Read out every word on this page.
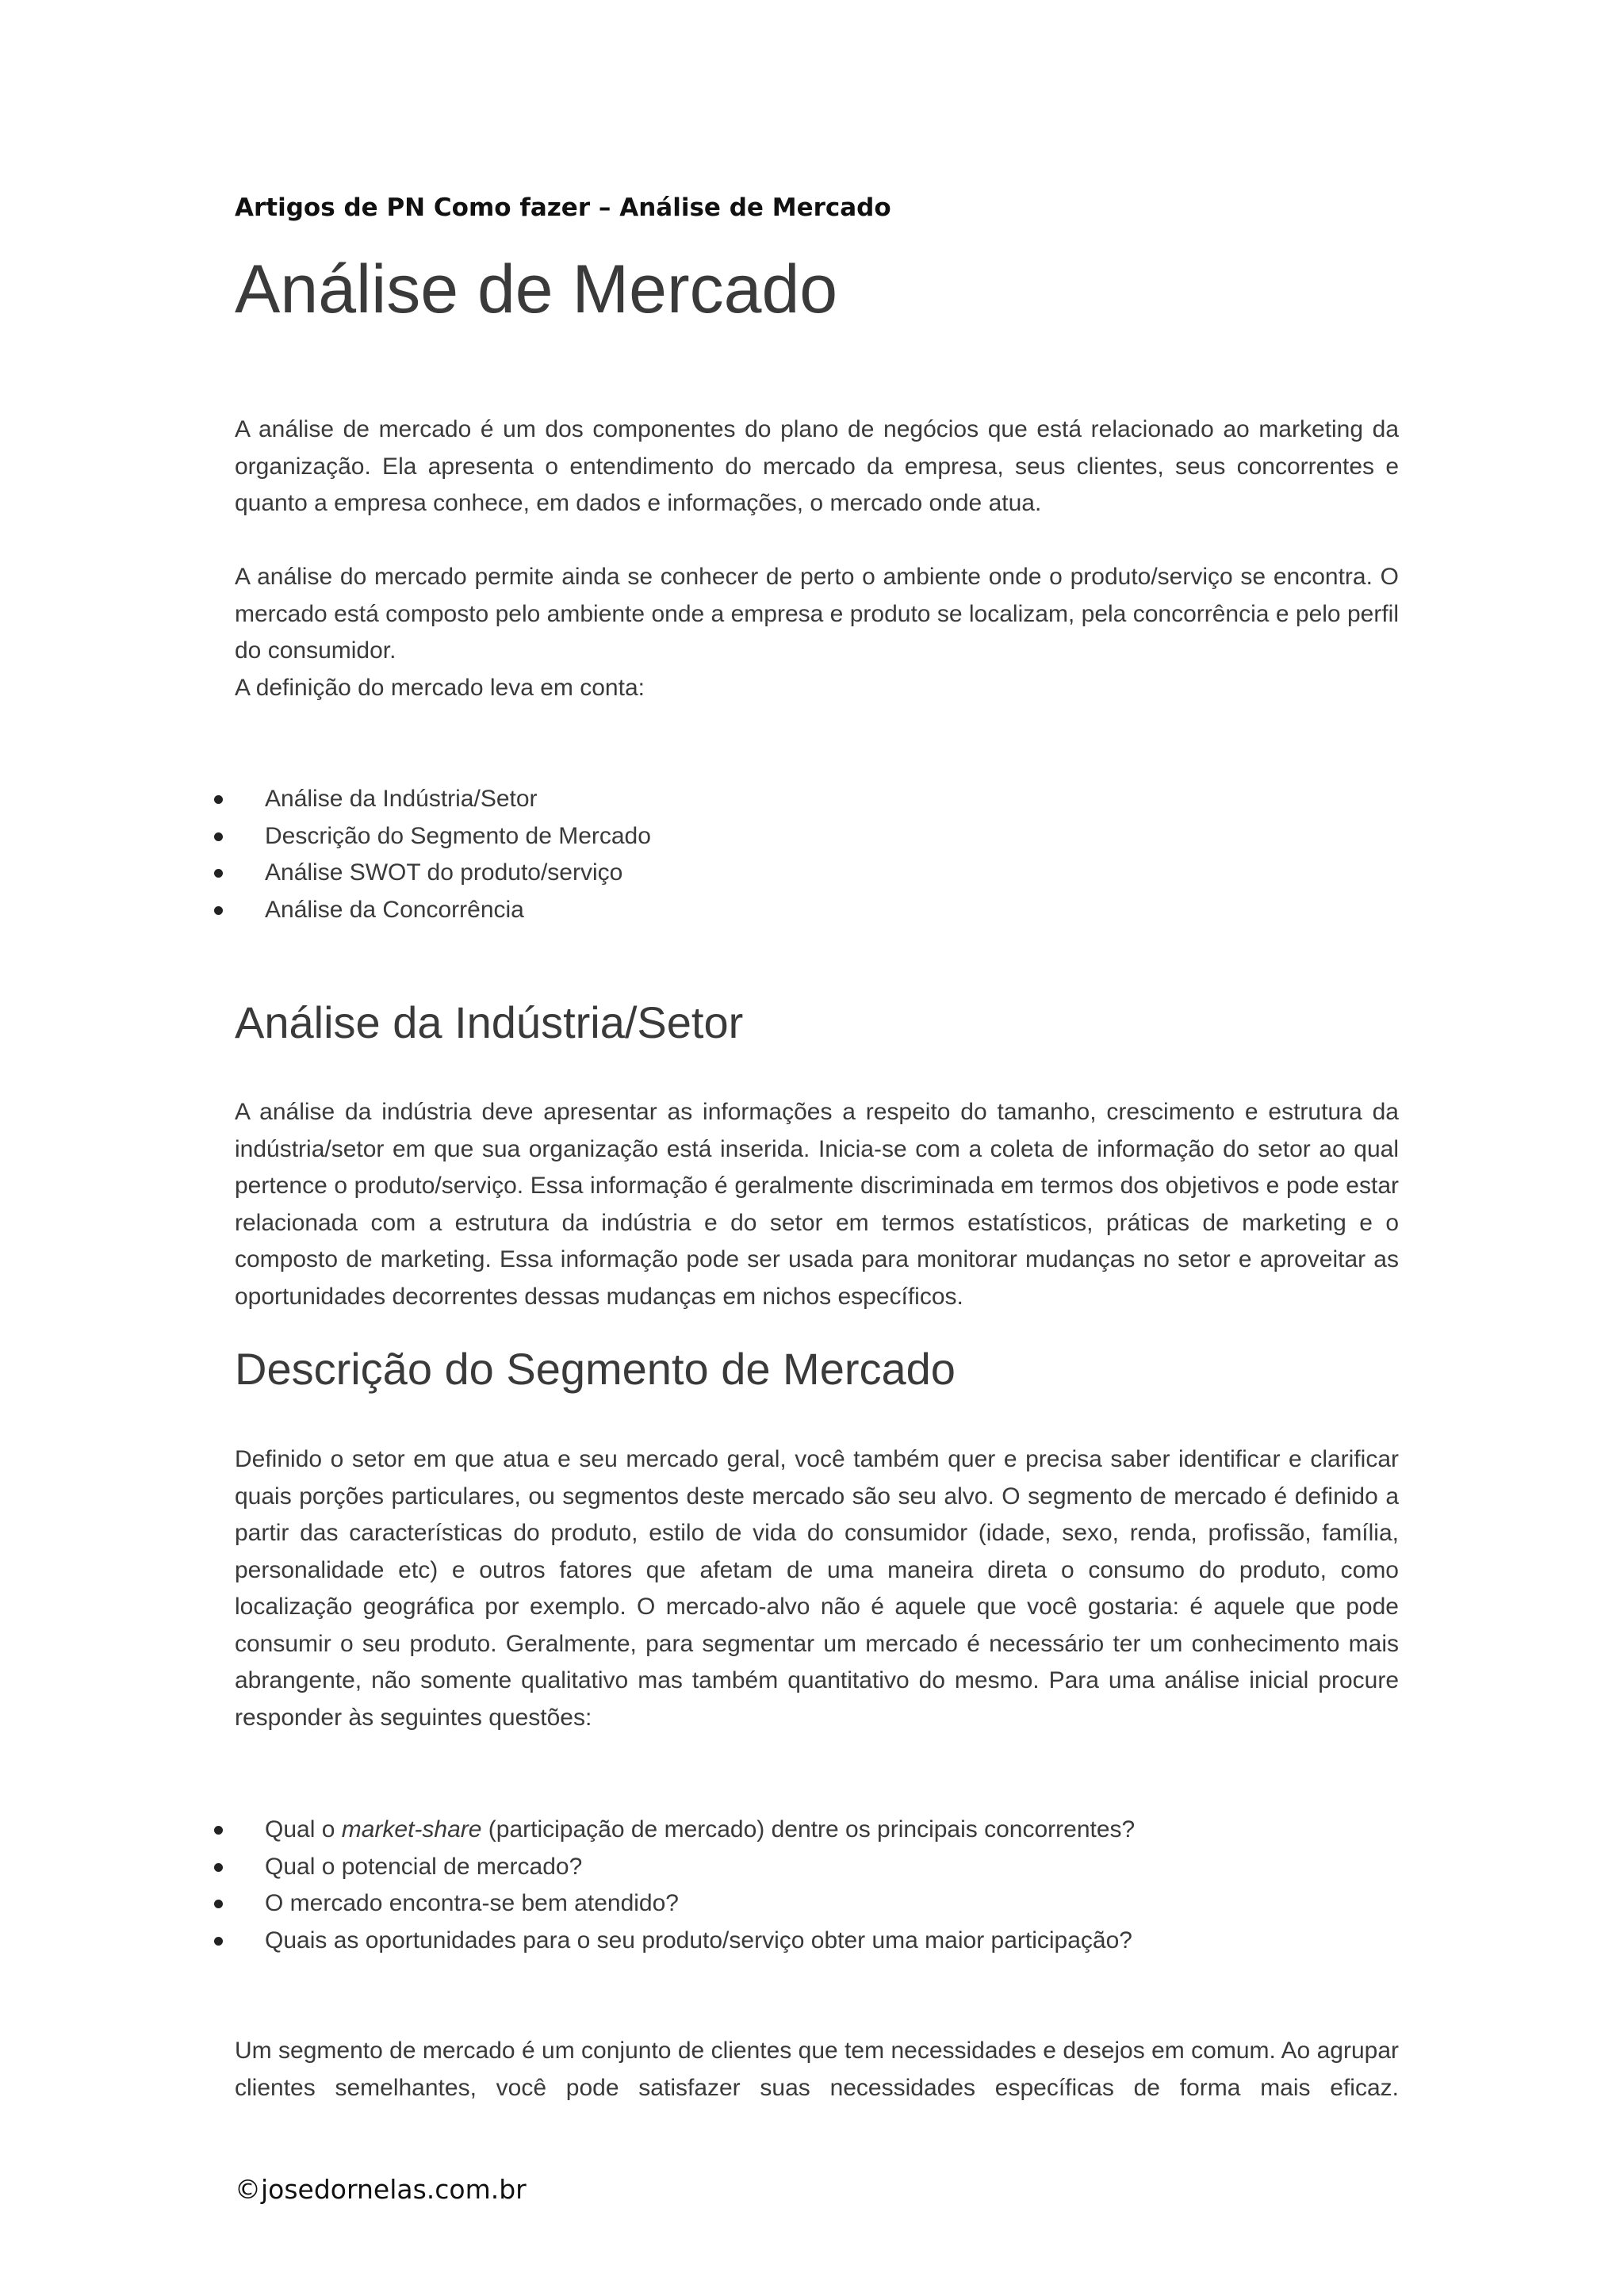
Artigos de PN Como fazer – Análise de Mercado
Análise de Mercado

A análise de mercado é um dos componentes do plano de negócios que está relacionado ao marketing da organização. Ela apresenta o entendimento do mercado da empresa, seus clientes, seus concorrentes e quanto a empresa conhece, em dados e informações, o mercado onde atua.

A análise do mercado permite ainda se conhecer de perto o ambiente onde o produto/serviço se encontra. O mercado está composto pelo ambiente onde a empresa e produto se localizam, pela concorrência e pelo perfil do consumidor.

A definição do mercado leva em conta:

Análise da Indústria/Setor
Descrição do Segmento de Mercado
Análise SWOT do produto/serviço
Análise da Concorrência
Análise da Indústria/Setor

A análise da indústria deve apresentar as informações a respeito do tamanho, crescimento e estrutura da indústria/setor em que sua organização está inserida. Inicia-se com a coleta de informação do setor ao qual pertence o produto/serviço. Essa informação é geralmente discriminada em termos dos objetivos e pode estar relacionada com a estrutura da indústria e do setor em termos estatísticos, práticas de marketing e o composto de marketing. Essa informação pode ser usada para monitorar mudanças no setor e aproveitar as oportunidades decorrentes dessas mudanças em nichos específicos.

Descrição do Segmento de Mercado

Definido o setor em que atua e seu mercado geral, você também quer e precisa saber identificar e clarificar quais porções particulares, ou segmentos deste mercado são seu alvo. O segmento de mercado é definido a partir das características do produto, estilo de vida do consumidor (idade, sexo, renda, profissão, família, personalidade etc) e outros fatores que afetam de uma maneira direta o consumo do produto, como localização geográfica por exemplo. O mercado-alvo não é aquele que você gostaria: é aquele que pode consumir o seu produto. Geralmente, para segmentar um mercado é necessário ter um conhecimento mais abrangente, não somente qualitativo mas também quantitativo do mesmo. Para uma análise inicial procure responder às seguintes questões:

Qual o market-share (participação de mercado) dentre os principais concorrentes?
Qual o potencial de mercado?
O mercado encontra-se bem atendido?
Quais as oportunidades para o seu produto/serviço obter uma maior participação?

Um segmento de mercado é um conjunto de clientes que tem necessidades e desejos em comum. Ao agrupar clientes semelhantes, você pode satisfazer suas necessidades específicas de forma mais eficaz.

©josedornelas.com.br
